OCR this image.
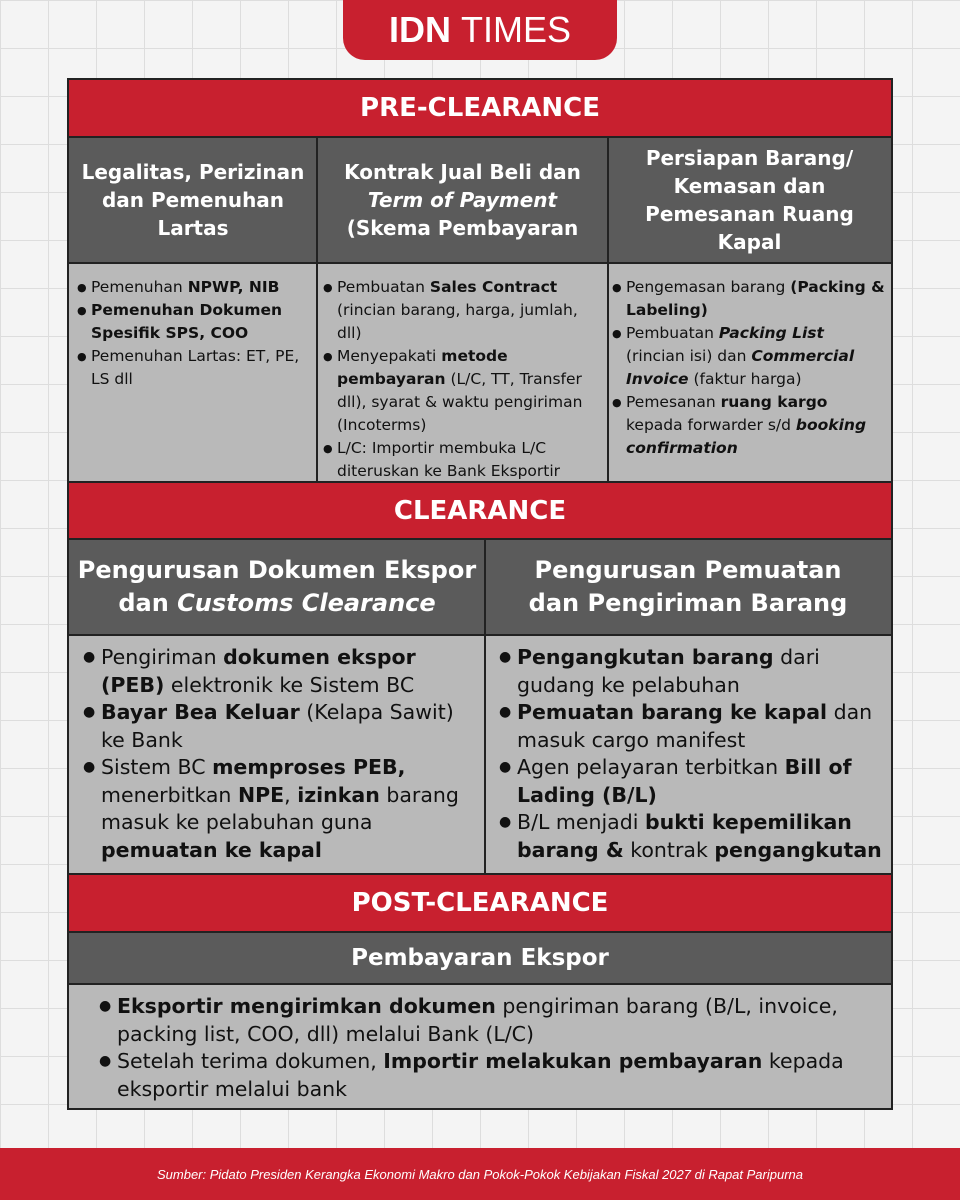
IDN TIMES
PRE-CLEARANCE
Legalitas, Perizinan dan Pemenuhan Lartas
Kontrak Jual Beli dan
Term of Payment
(Skema Pembayaran
Persiapan Barang/ Kemasan dan Pemesanan Ruang Kapal
● Pemenuhan NPWP, NIB
● Pemenuhan Dokumen Spesifik SPS, COO
● Pemenuhan Lartas: ET, PE, LS dll
● Pembuatan Sales Contract (rincian barang, harga, jumlah, dll)
● Menyepakati metode pembayaran (L/C, TT, Transfer dll), syarat & waktu pengiriman (Incoterms)
● L/C: Importir membuka L/C diteruskan ke Bank Eksportir
● Pengemasan barang (Packing & Labeling)
● Pembuatan Packing List (rincian isi) dan Commercial Invoice (faktur harga)
● Pemesanan ruang kargo kepada forwarder s/d booking confirmation
CLEARANCE
Pengurusan Dokumen Ekspor
dan Customs Clearance
Pengurusan Pemuatan dan Pengiriman Barang
● Pengiriman dokumen ekspor (PEB) elektronik ke Sistem BC
● Bayar Bea Keluar (Kelapa Sawit) ke Bank
● Sistem BC memproses PEB, menerbitkan NPE, izinkan barang masuk ke pelabuhan guna pemuatan ke kapal
● Pengangkutan barang dari gudang ke pelabuhan
● Pemuatan barang ke kapal dan masuk cargo manifest
● Agen pelayaran terbitkan Bill of Lading (B/L)
● B/L menjadi bukti kepemilikan barang & kontrak pengangkutan
POST-CLEARANCE
Pembayaran Ekspor
● Eksportir mengirimkan dokumen pengiriman barang (B/L, invoice, packing list, COO, dll) melalui Bank (L/C)
● Setelah terima dokumen, Importir melakukan pembayaran kepada eksportir melalui bank
Sumber: Pidato Presiden Kerangka Ekonomi Makro dan Pokok-Pokok Kebijakan Fiskal 2027 di Rapat Paripurna
